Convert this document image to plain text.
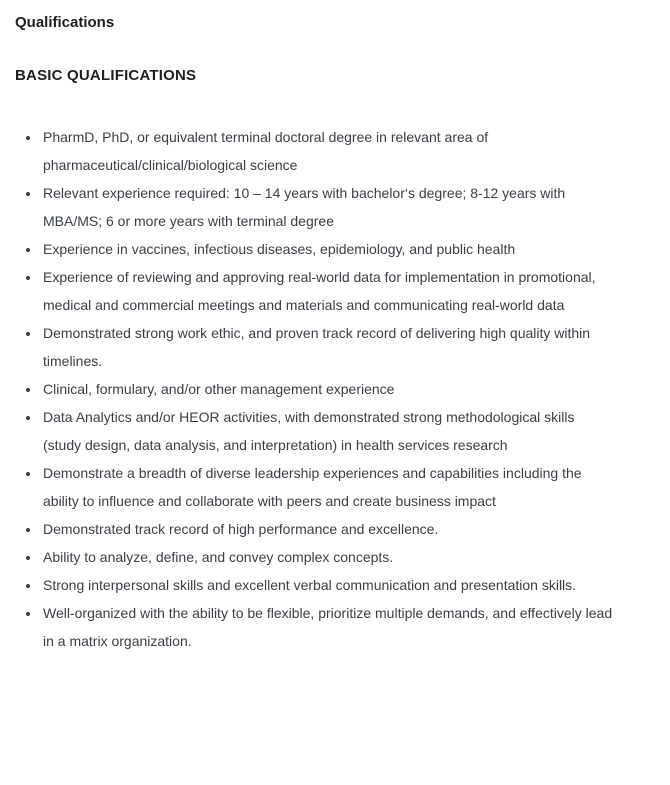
Qualifications
BASIC QUALIFICATIONS
• PharmD, PhD, or equivalent terminal doctoral degree in relevant area of pharmaceutical/clinical/biological science
• Relevant experience required: 10 – 14 years with bachelor‘s degree; 8-12 years with MBA/MS; 6 or more years with terminal degree
• Experience in vaccines, infectious diseases, epidemiology, and public health
• Experience of reviewing and approving real-world data for implementation in promotional, medical and commercial meetings and materials and communicating real-world data
• Demonstrated strong work ethic, and proven track record of delivering high quality within timelines.
• Clinical, formulary, and/or other management experience
• Data Analytics and/or HEOR activities, with demonstrated strong methodological skills (study design, data analysis, and interpretation) in health services research
• Demonstrate a breadth of diverse leadership experiences and capabilities including the ability to influence and collaborate with peers and create business impact
• Demonstrated track record of high performance and excellence.
• Ability to analyze, define, and convey complex concepts.
• Strong interpersonal skills and excellent verbal communication and presentation skills.
• Well-organized with the ability to be flexible, prioritize multiple demands, and effectively lead in a matrix organization.
